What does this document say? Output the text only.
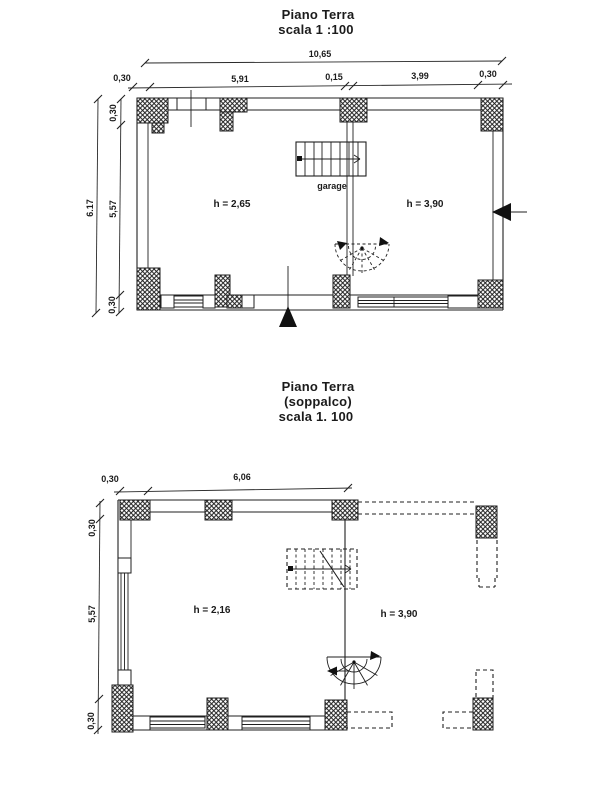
Piano Terra
scala 1 :100
10,65
0,30	5,91	0,15	3,99	0,30
6.17
0,30
5,57
0,30
garage
h = 2,65	h = 3,90
Piano Terra
(soppalco)
scala 1. 100
0,30	6,06
0,30
5,57
0,30
h = 2,16	h = 3,90
